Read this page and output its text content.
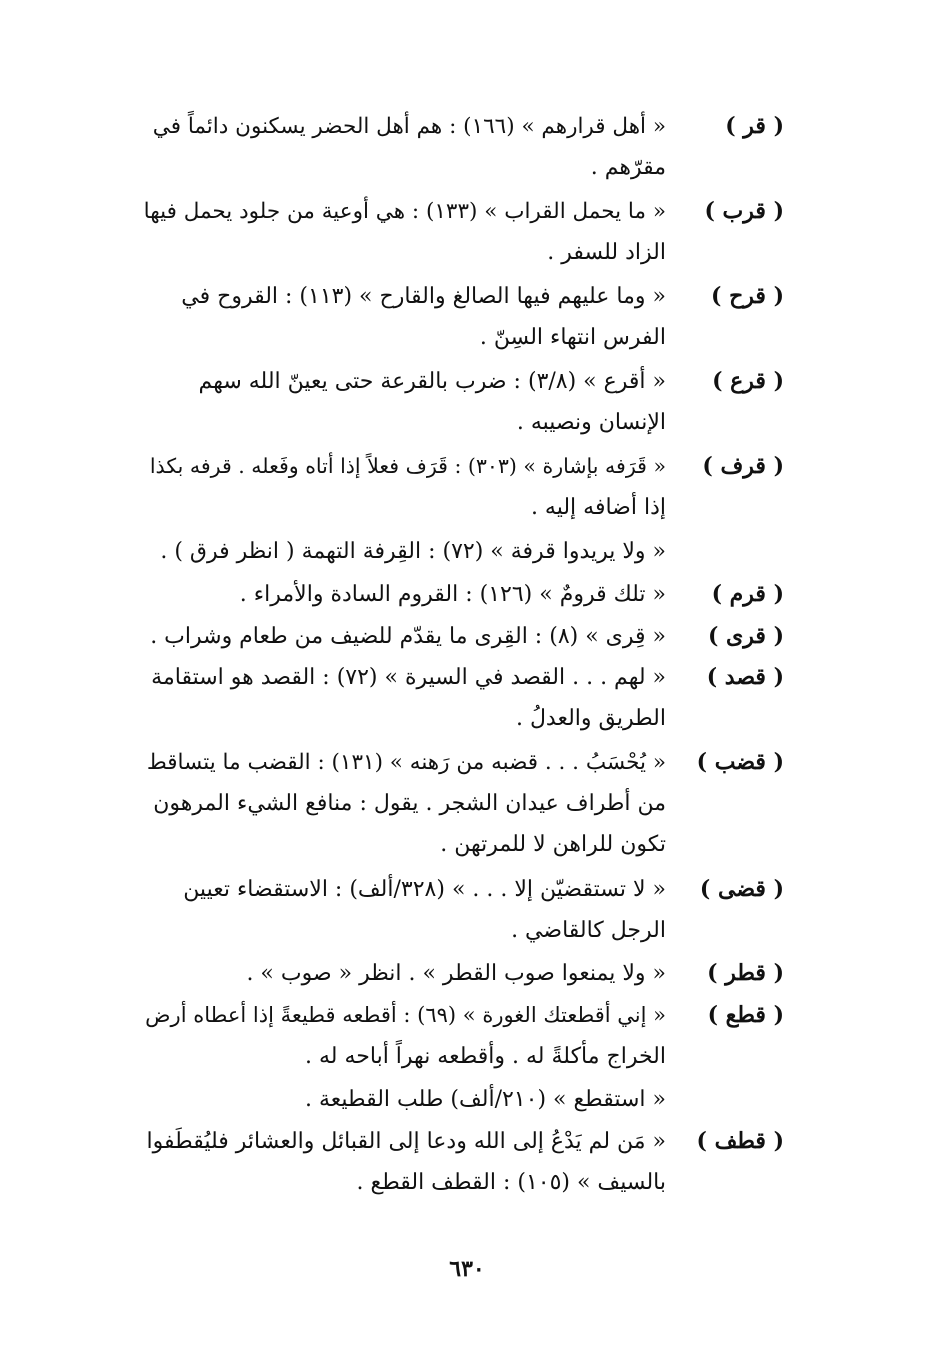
( قر )
« أهل قرارهم » (١٦٦) : هم أهل الحضر يسكنون دائماً في
مقرّهم .
( قرب )
« ما يحمل القراب » (١٣٣) : هي أوعية من جلود يحمل فيها
الزاد للسفر .
( قرح )
« وما عليهم فيها الصالغ والقارح » (١١٣) : القروح في
الفرس انتهاء السِنّ .
( قرع )
« أقرع » (٣/٨) : ضرب بالقرعة حتى يعينّ الله سهم
الإنسان ونصيبه .
( قرف )
« قَرَفه بإشارة » (٣٠٣) : قَرَف فعلاً إذا أتاه وفَعله . قرفه بكذا
إذا أضافه إليه .
« ولا يريدوا قرفة » (٧٢) : القِرفة التهمة ( انظر فرق ) .
( قرم )
« تلك قرومٌ » (١٢٦) : القروم السادة والأمراء .
( قرى )
« قِرى » (٨) : القِرى ما يقدّم للضيف من طعام وشراب .
( قصد )
« لهم . . . القصد في السيرة » (٧٢) : القصد هو استقامة
الطريق والعدلُ .
( قضب )
« يُحْسَبُ . . . قضبه من رَهنه » (١٣١) : القضب ما يتساقط
من أطراف عيدان الشجر . يقول : منافع الشيء المرهون
تكون للراهن لا للمرتهن .
( قضى )
« لا تستقضيّن إلا . . . » (٣٢٨/ألف) : الاستقضاء تعيين
الرجل كالقاضي .
( قطر )
« ولا يمنعوا صوب القطر » . انظر « صوب » .
( قطع )
« إني أقطعتك الغورة » (٦٩) : أقطعه قطيعةً إذا أعطاه أرض
الخراج مأكلةً له . وأقطعه نهراً أباحه له .
« استقطع » (٢١٠/ألف) طلب القطيعة .
( قطف )
« مَن لم يَدْعُ إلى الله ودعا إلى القبائل والعشائر فليُقطَفوا
بالسيف » (١٠٥) : القطف القطع .
٦٣٠
